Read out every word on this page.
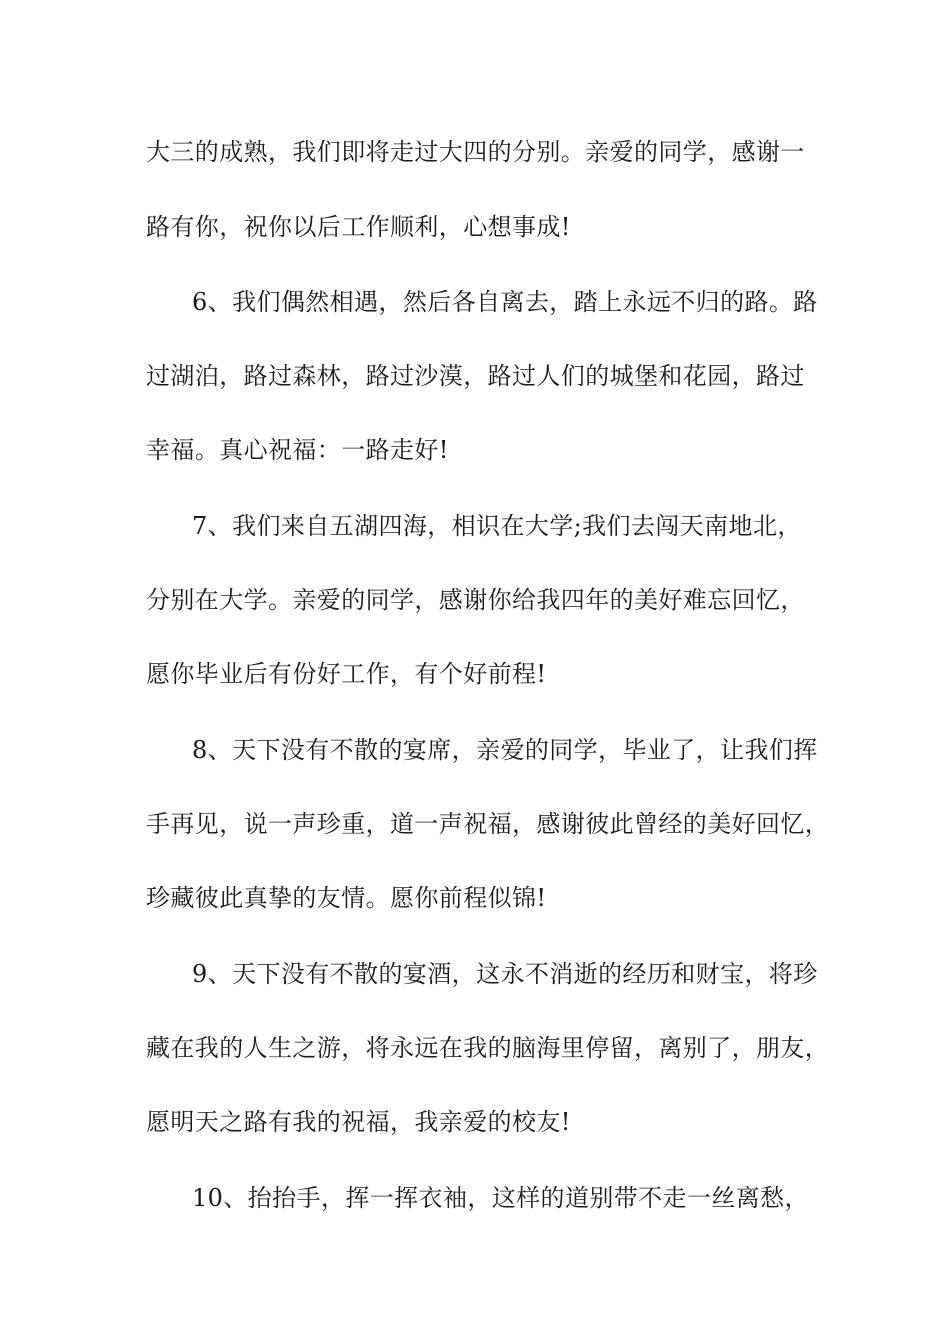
大三的成熟，我们即将走过大四的分别。亲爱的同学，感谢一
路有你，祝你以后工作顺利，心想事成!
6、我们偶然相遇，然后各自离去，踏上永远不归的路。路
过湖泊，路过森林，路过沙漠，路过人们的城堡和花园，路过
幸福。真心祝福：一路走好!
7、我们来自五湖四海，相识在大学;我们去闯天南地北，
分别在大学。亲爱的同学，感谢你给我四年的美好难忘回忆，
愿你毕业后有份好工作，有个好前程!
8、天下没有不散的宴席，亲爱的同学，毕业了，让我们挥
手再见，说一声珍重，道一声祝福，感谢彼此曾经的美好回忆，
珍藏彼此真挚的友情。愿你前程似锦!
9、天下没有不散的宴酒，这永不消逝的经历和财宝，将珍
藏在我的人生之游，将永远在我的脑海里停留，离别了，朋友，
愿明天之路有我的祝福，我亲爱的校友!
10、抬抬手，挥一挥衣袖，这样的道别带不走一丝离愁，
